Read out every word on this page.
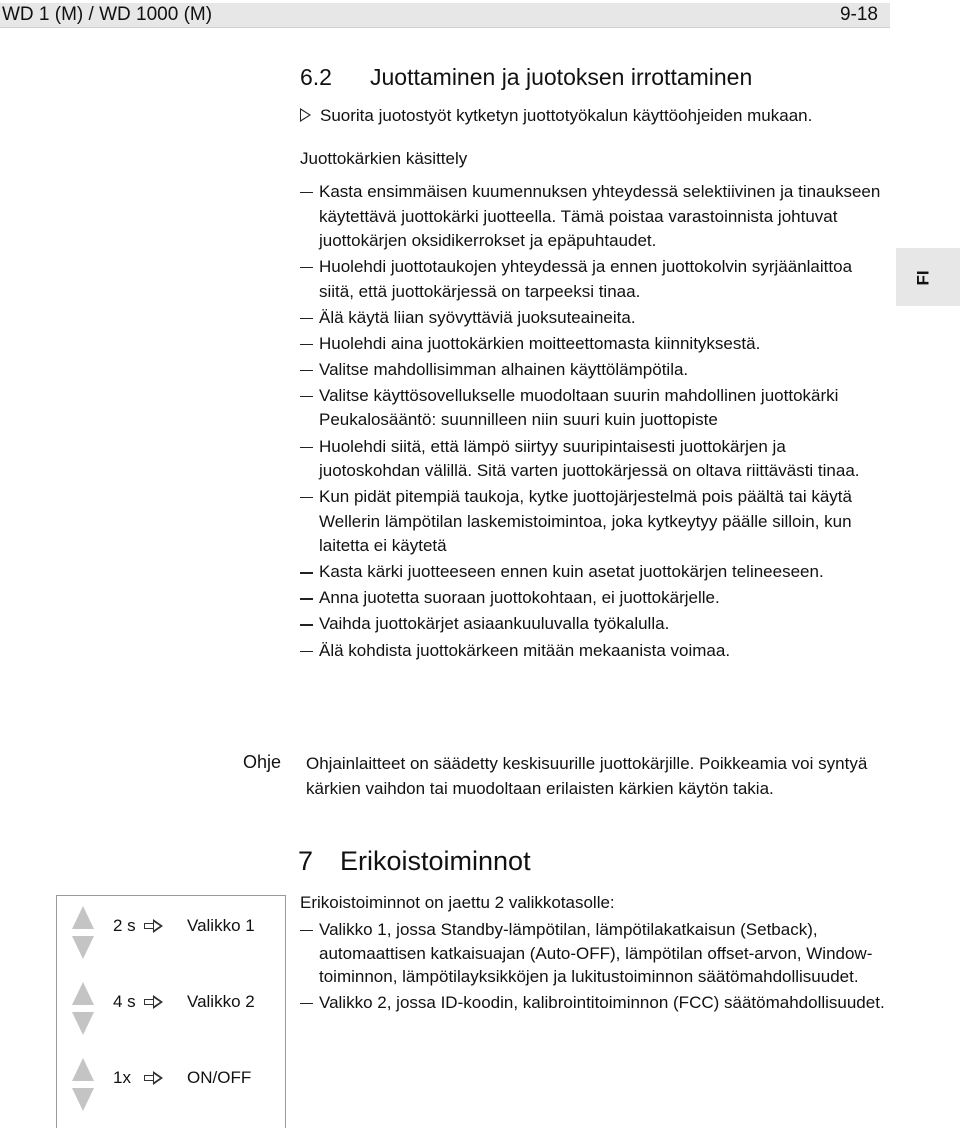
WD 1 (M) / WD 1000 (M)	9-18
FI
6.2 Juottaminen ja juotoksen irrottaminen
Suorita juotostyöt kytketyn juottotyökalun käyttöohjeiden mukaan.
Juottokärkien käsittely
Kasta ensimmäisen kuumennuksen yhteydessä selektiivinen ja tinaukseen käytettävä juottokärki juotteella. Tämä poistaa varastoinnista johtuvat juottokärjen oksidikerrokset ja epäpuhtaudet.
Huolehdi juottotaukojen yhteydessä ja ennen juottokolvin syrjäänlaittoa siitä, että juottokärjessä on tarpeeksi tinaa.
Älä käytä liian syövyttäviä juoksuteaineita.
Huolehdi aina juottokärkien moitteettomasta kiinnityksestä.
Valitse mahdollisimman alhainen käyttölämpötila.
Valitse käyttösovellukselle muodoltaan suurin mahdollinen juottokärki Peukalosääntö: suunnilleen niin suuri kuin juottopiste
Huolehdi siitä, että lämpö siirtyy suuripintaisesti juottokärjen ja juotoskohdan välillä. Sitä varten juottokärjessä on oltava riittävästi tinaa.
Kun pidät pitempiä taukoja, kytke juottojärjestelmä pois päältä tai käytä Wellerin lämpötilan laskemistoimintoa, joka kytkeytyy päälle silloin, kun laitetta ei käytetä
Kasta kärki juotteeseen ennen kuin asetat juottokärjen telineeseen.
Anna juotetta suoraan juottokohtaan, ei juottokärjelle.
Vaihda juottokärjet asiaankuuluvalla työkalulla.
Älä kohdista juottokärkeen mitään mekaanista voimaa.
Ohje Ohjainlaitteet on säädetty keskisuurille juottokärjille. Poikkeamia voi syntyä kärkien vaihdon tai muodoltaan erilaisten kärkien käytön takia.
7 Erikoistoiminnot
Erikoistoiminnot on jaettu 2 valikkotasolle:
Valikko 1, jossa Standby-lämpötilan, lämpötilakatkaisun (Setback), automaattisen katkaisuajan (Auto-OFF), lämpötilan offset-arvon, Window-toiminnon, lämpötilayksikköjen ja lukitustoiminnon säätömahdollisuudet.
Valikko 2, jossa ID-koodin, kalibrointitoiminnon (FCC) säätömahdollisuudet.
2 s	Valikko 1
4 s	Valikko 2
1x	ON/OFF
